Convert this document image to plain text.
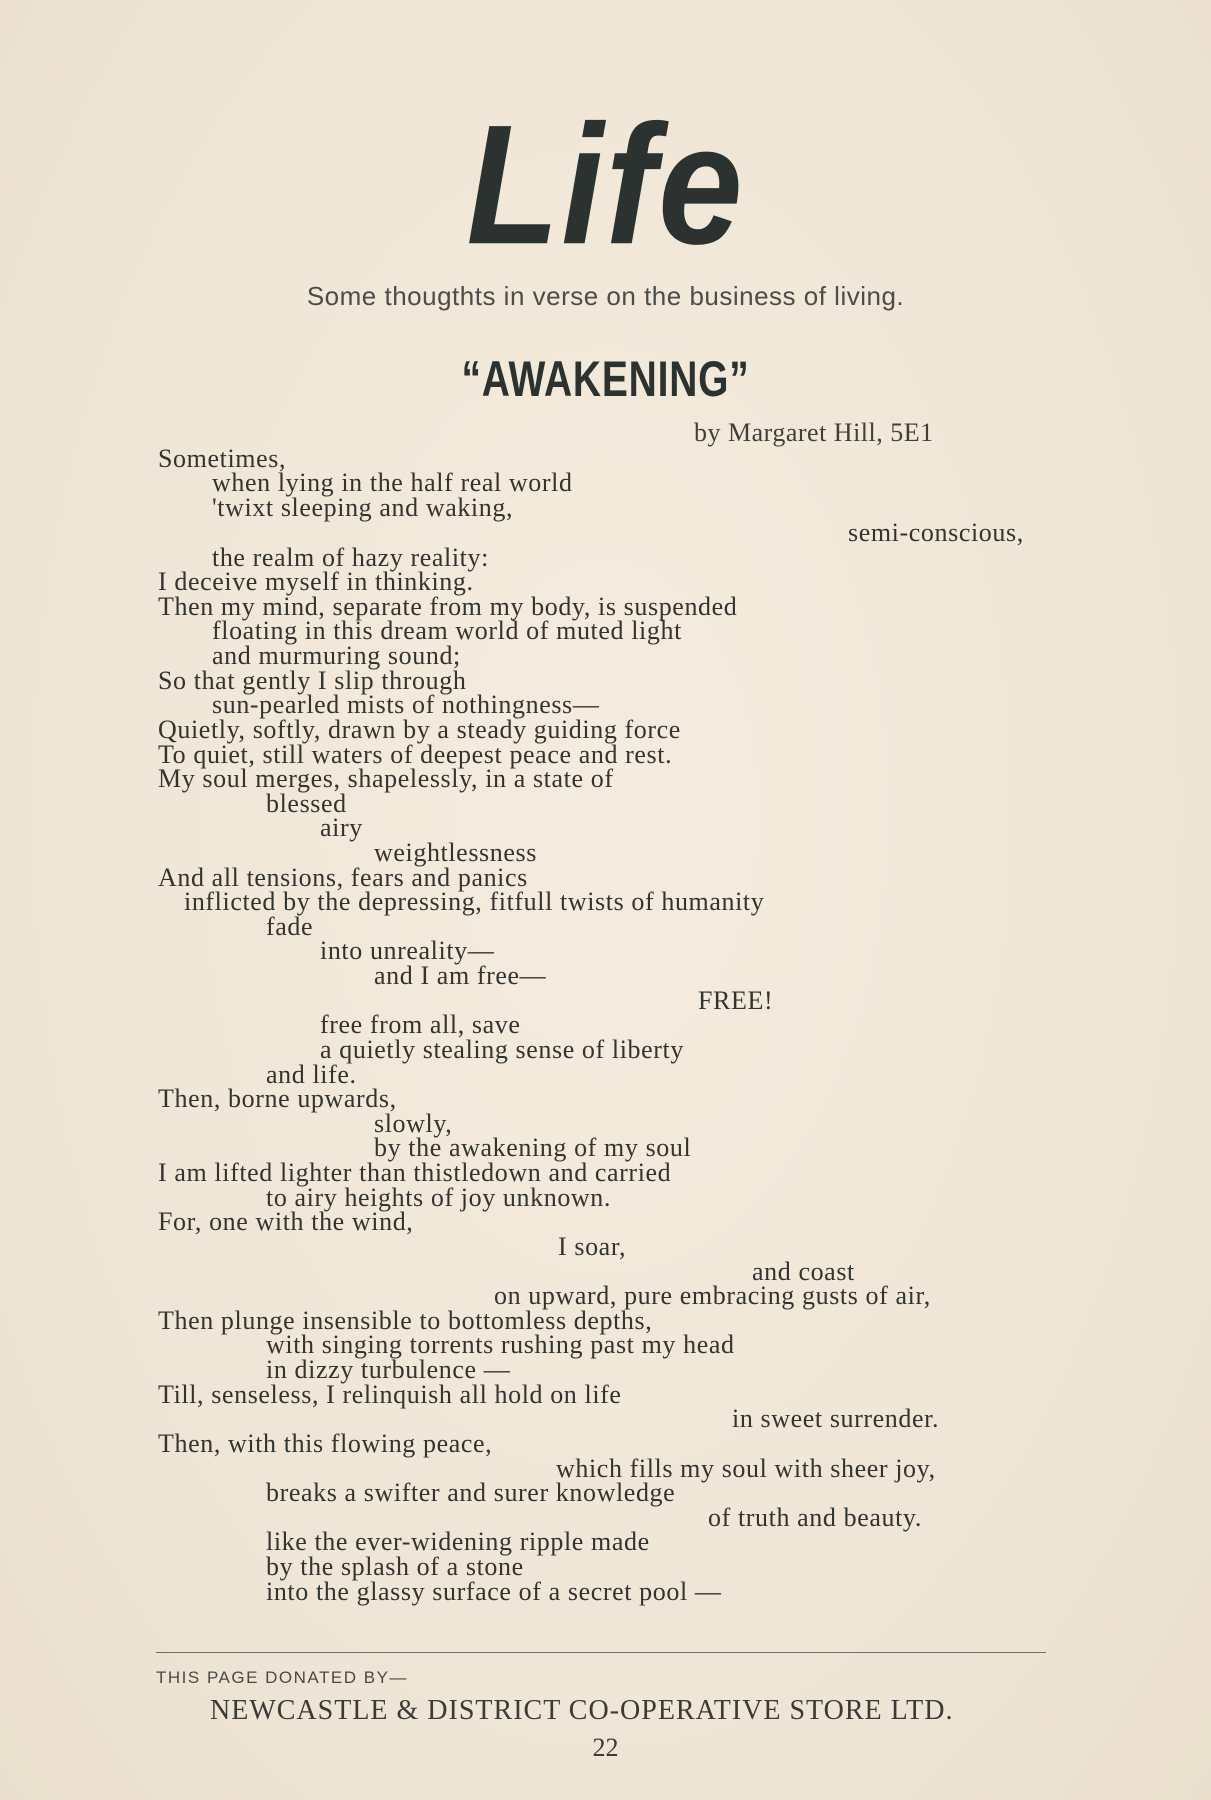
Life
Some thougthts in verse on the business of living.
“AWAKENING”
by Margaret Hill, 5E1
Sometimes,
when lying in the half real world
'twixt sleeping and waking,
semi-conscious,
the realm of hazy reality:
I deceive myself in thinking.
Then my mind, separate from my body, is suspended
floating in this dream world of muted light
and murmuring sound;
So that gently I slip through
sun-pearled mists of nothingness—
Quietly, softly, drawn by a steady guiding force
To quiet, still waters of deepest peace and rest.
My soul merges, shapelessly, in a state of
blessed
airy
weightlessness
And all tensions, fears and panics
inflicted by the depressing, fitfull twists of humanity
fade
into unreality—
and I am free—
FREE!
free from all, save
a quietly stealing sense of liberty
and life.
Then, borne upwards,
slowly,
by the awakening of my soul
I am lifted lighter than thistledown and carried
to airy heights of joy unknown.
For, one with the wind,
I soar,
and coast
on upward, pure embracing gusts of air,
Then plunge insensible to bottomless depths,
with singing torrents rushing past my head
in dizzy turbulence —
Till, senseless, I relinquish all hold on life
in sweet surrender.
Then, with this flowing peace,
which fills my soul with sheer joy,
breaks a swifter and surer knowledge
of truth and beauty.
like the ever-widening ripple made
by the splash of a stone
into the glassy surface of a secret pool —
THIS PAGE DONATED BY—
NEWCASTLE & DISTRICT CO-OPERATIVE STORE LTD.
22
